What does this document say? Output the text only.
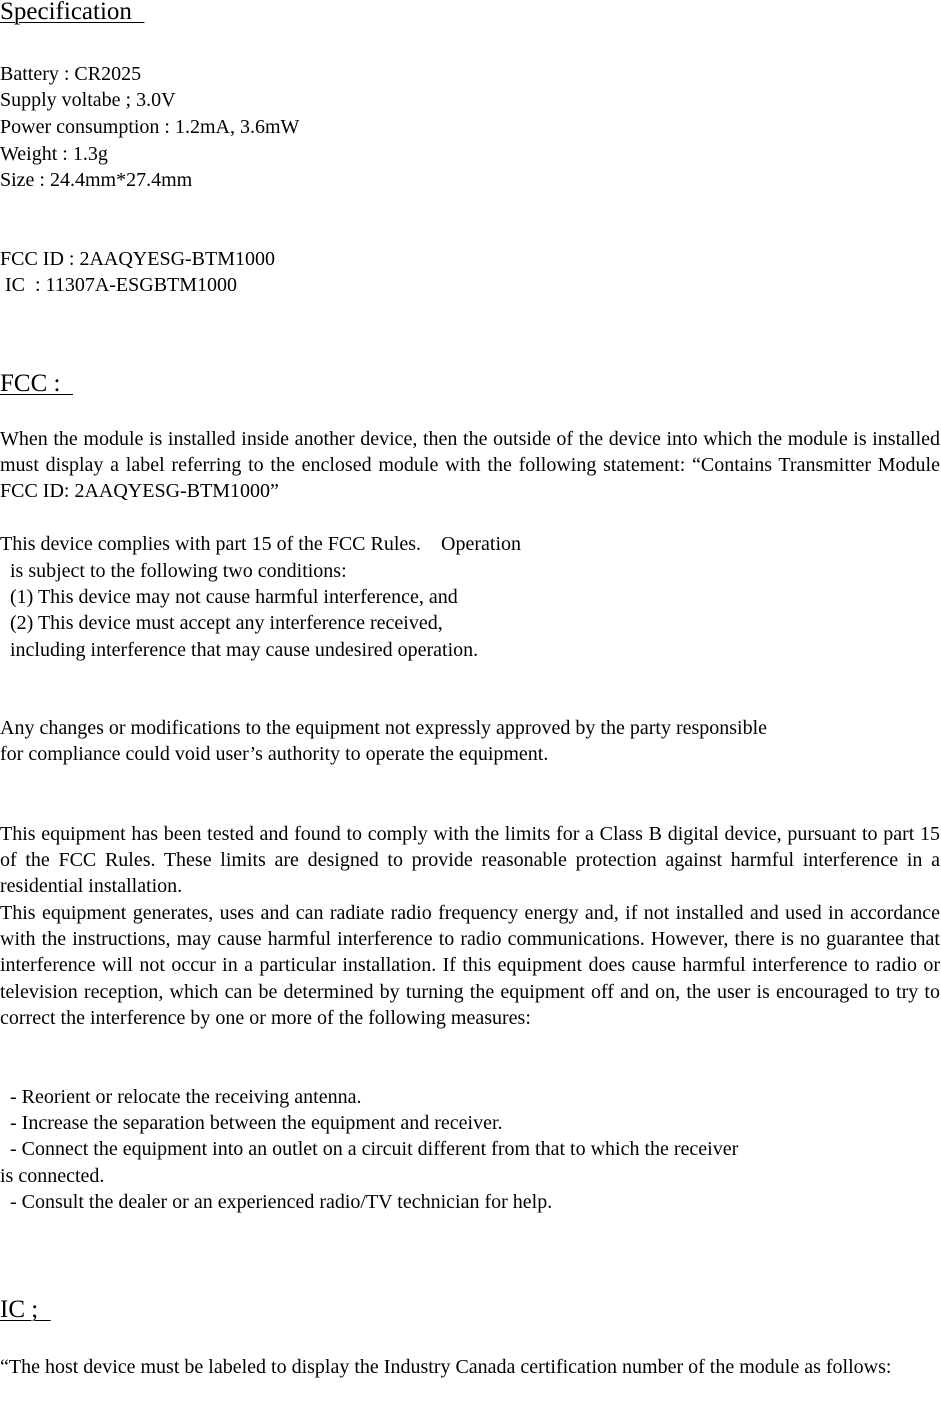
Specification
Battery : CR2025
Supply voltabe ; 3.0V
Power consumption : 1.2mA, 3.6mW
Weight : 1.3g
Size : 24.4mm*27.4mm
FCC ID : 2AAQYESG-BTM1000
IC  : 11307A-ESGBTM1000
FCC :

When the module is installed inside another device, then the outside of the device into which the module is installed must display a label referring to the enclosed module with the following statement: “Contains Transmitter Module FCC ID: 2AAQYESG-BTM1000”

This device complies with part 15 of the FCC Rules.    Operation
is subject to the following two conditions:
(1) This device may not cause harmful interference, and
(2) This device must accept any interference received,
including interference that may cause undesired operation.
Any changes or modifications to the equipment not expressly approved by the party responsible
for compliance could void user’s authority to operate the equipment.

This equipment has been tested and found to comply with the limits for a Class B digital device, pursuant to part 15 of the FCC Rules. These limits are designed to provide reasonable protection against harmful interference in a residential installation.

This equipment generates, uses and can radiate radio frequency energy and, if not installed and used in accordance with the instructions, may cause harmful interference to radio communications. However, there is no guarantee that interference will not occur in a particular installation. If this equipment does cause harmful interference to radio or television reception, which can be determined by turning the equipment off and on, the user is encouraged to try to correct the interference by one or more of the following measures:

- Reorient or relocate the receiving antenna.
- Increase the separation between the equipment and receiver.
- Connect the equipment into an outlet on a circuit different from that to which the receiver
is connected.
- Consult the dealer or an experienced radio/TV technician for help.
IC ;

“The host device must be labeled to display the Industry Canada certification number of the module as follows:
